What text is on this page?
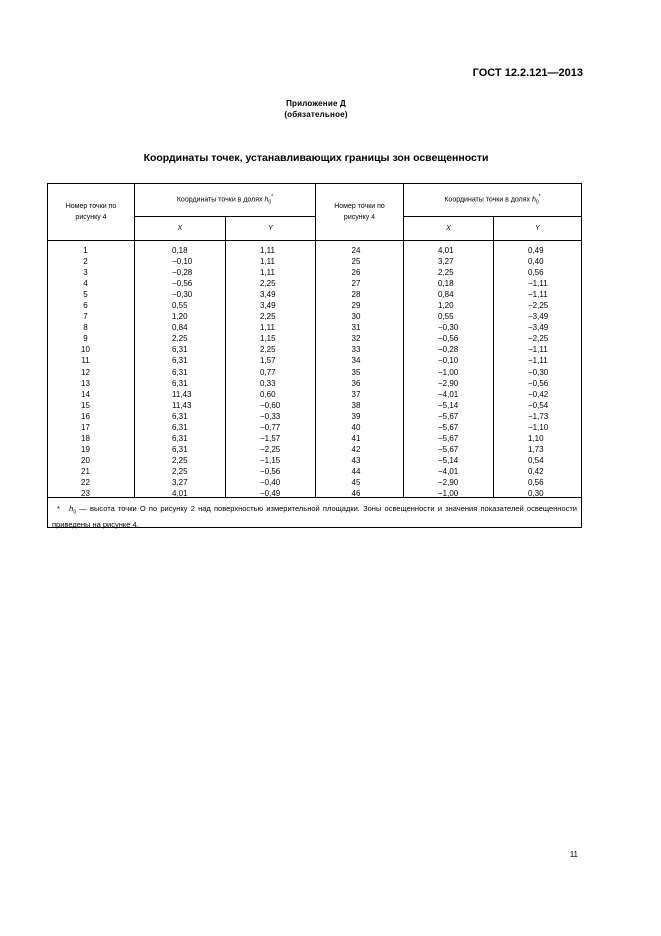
ГОСТ 12.2.121—2013
Приложение Д
(обязательное)
Координаты точек, устанавливающих границы зон освещенности
Номер точки по рисунку 4
Координаты точки в долях $h_0^*$
X	Y
Номер точки по рисунку 4
Координаты точки в долях $h_0^*$
X	Y
1
2
3
4
5
6
7
8
9
10
11
12
13
14
15
16
17
18
19
20
21
22
23
0,18
−0,10
−0,28
−0,56
−0,30
0,55
1,20
0,84
2,25
6,31
6,31
6,31
6,31
11,43
11,43
6,31
6,31
6,31
6,31
2,25
2,25
3,27
4,01
1,11
1,11
1,11
2,25
3,49
3,49
2,25
1,11
1,15
2,25
1,57
0,77
0,33
0,60
−0,60
−0,33
−0,77
−1,57
−2,25
−1,15
−0,56
−0,40
−0,49
24
25
26
27
28
29
30
31
32
33
34
35
36
37
38
39
40
41
42
43
44
45
46
4,01
3,27
2,25
0,18
0,84
1,20
0,55
−0,30
−0,56
−0,28
−0,10
−1,00
−2,90
−4,01
−5,14
−5,67
−5,67
−5,67
−5,67
−5,14
−4,01
−2,90
−1,00
0,49
0,40
0,56
−1,11
−1,11
−2,25
−3,49
−3,49
−2,25
−1,11
−1,11
−0,30
−0,56
−0,42
−0,54
−1,73
−1,10
1,10
1,73
0,54
0,42
0,56
0,30
* $h_0$ — высота точки О по рисунку 2 над поверхностью измерительной площадки. Зоны освещенности и значения показателей освещенности приведены на рисунке 4.
11
